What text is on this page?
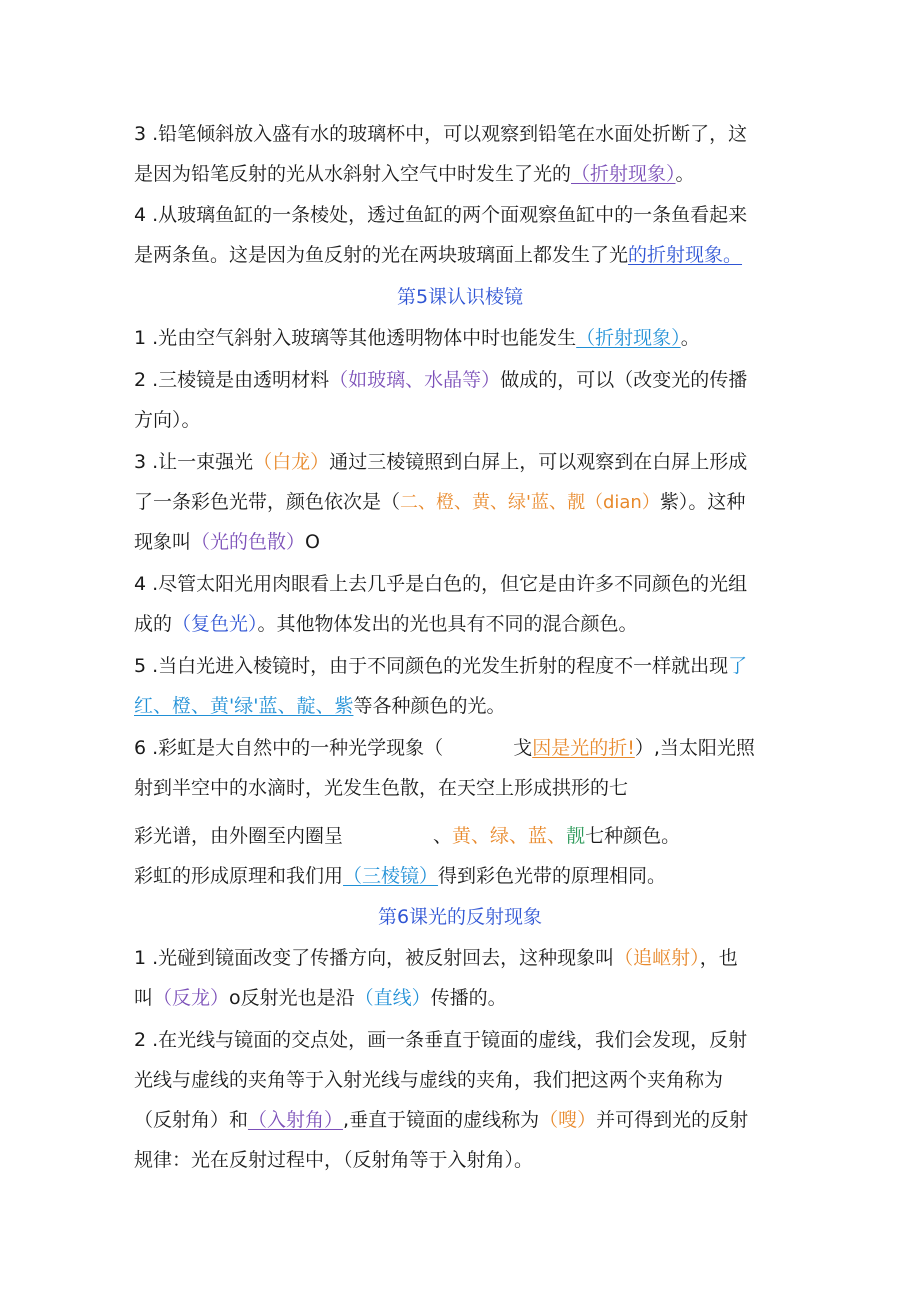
3 .铅笔倾斜放入盛有水的玻璃杯中，可以观察到铅笔在水面处折断了，这
是因为铅笔反射的光从水斜射入空气中时发生了光的（折射现象）。
4 .从玻璃鱼缸的一条棱处，透过鱼缸的两个面观察鱼缸中的一条鱼看起来
是两条鱼。这是因为鱼反射的光在两块玻璃面上都发生了光的折射现象。
第5课认识棱镜
1 .光由空气斜射入玻璃等其他透明物体中时也能发生（折射现象）。
2 .三棱镜是由透明材料（如玻璃、水晶等）做成的，可以（改变光的传播
方向）。
3 .让一束强光（白龙）通过三棱镜照到白屏上，可以观察到在白屏上形成
了一条彩色光带，颜色依次是（二、橙、黄、绿'蓝、靓（dian）紫）。这种
现象叫（光的色散）O
4 .尽管太阳光用肉眼看上去几乎是白色的，但它是由许多不同颜色的光组
成的（复色光）。其他物体发出的光也具有不同的混合颜色。
5 .当白光进入棱镜时，由于不同颜色的光发生折射的程度不一样就出现了
红、橙、黄'绿'蓝、靛、紫等各种颜色的光。
6 .彩虹是大自然中的一种光学现象（	戈因是光的折!）,当太阳光照
射到半空中的水滴时，光发生色散，在天空上形成拱形的七
彩光谱，由外圈至内圈呈	、黄、绿、蓝、靓七种颜色。
彩虹的形成原理和我们用（三棱镜）得到彩色光带的原理相同。
第6课光的反射现象
1 .光碰到镜面改变了传播方向，被反射回去，这种现象叫（追岖射），也
叫（反龙）o反射光也是沿（直线）传播的。
2 .在光线与镜面的交点处，画一条垂直于镜面的虚线，我们会发现，反射
光线与虚线的夹角等于入射光线与虚线的夹角，我们把这两个夹角称为
（反射角）和（入射角）,垂直于镜面的虚线称为（嗖）并可得到光的反射
规律：光在反射过程中，（反射角等于入射角）。
